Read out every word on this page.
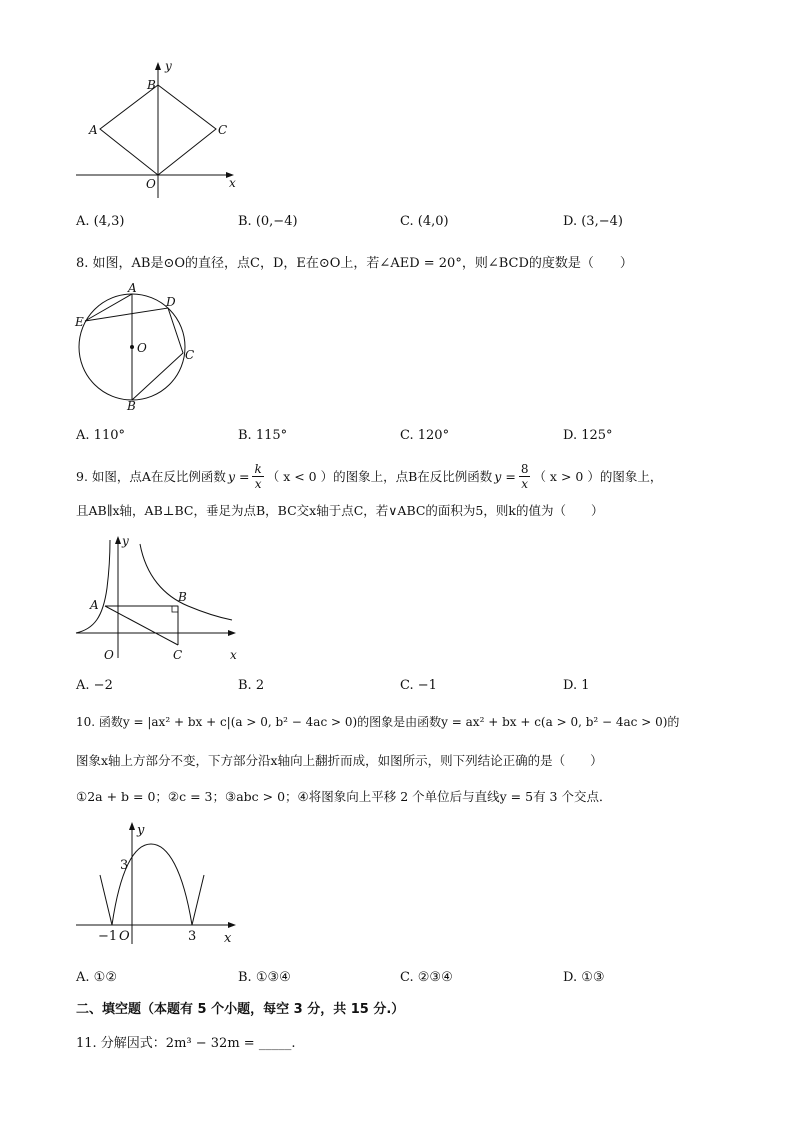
y
B
A	C
O	x
A. (4,3)	B. (0,−4)	C. (4,0)	D. (3,−4)
8. 如图，AB是⊙O的直径，点C，D，E在⊙O上，若∠AED = 20°，则∠BCD的度数是（　　）
A
D
E
O	C
B
A. 110°	B. 115°	C. 120°	D. 125°
9. 如图，点A在反比例函数 $y = \frac{k}{x}$ （ x < 0 ）的图象上，点B在反比例函数 $y = \frac{8}{x}$ （ x > 0 ）的图象上，
且AB∥x轴，AB⊥BC，垂足为点B，BC交x轴于点C，若∨ABC的面积为5，则k的值为（　　）
y
A
B
O	C	x
A. −2	B. 2	C. −1	D. 1
10. 函数y = |ax² + bx + c|(a > 0, b² − 4ac > 0)的图象是由函数y = ax² + bx + c(a > 0, b² − 4ac > 0)的
图象x轴上方部分不变，下方部分沿x轴向上翻折而成，如图所示，则下列结论正确的是（　　）
①2a + b = 0；②c = 3；③abc > 0；④将图象向上平移 2 个单位后与直线y = 5有 3 个交点．
y
3
−1 O	3 x
A. ①②	B. ①③④	C. ②③④	D. ①③
二、填空题（本题有 5 个小题，每空 3 分，共 15 分.）
11. 分解因式：2m³ − 32m = _____.
